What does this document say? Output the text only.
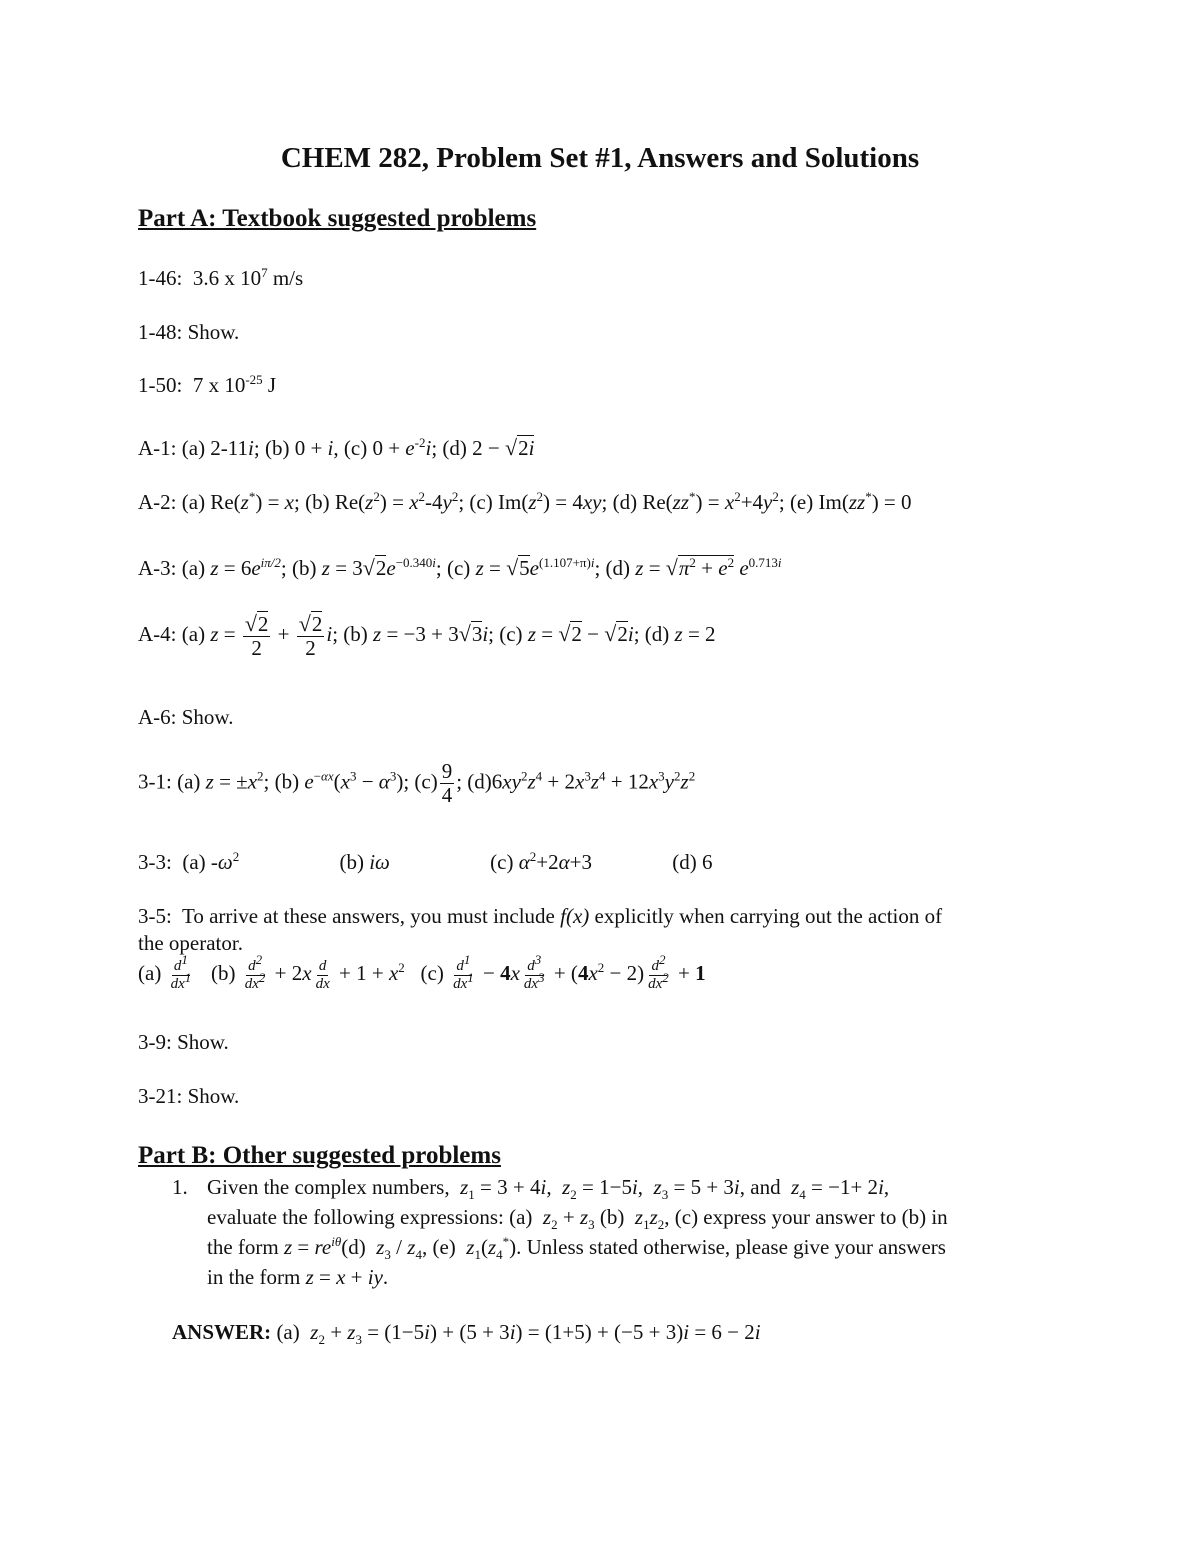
CHEM 282, Problem Set #1, Answers and Solutions
Part A: Textbook suggested problems
1-46: 3.6 x $10^7$ m/s
1-48: Show.
1-50: 7 x $10^{-25}$ J
A-1: (a) 2-11i; (b) 0 + i, (c) $0 + e^{-2}i$; (d) 2 − √2i
A-2: (a) Re(z*) = x; (b) $Re(z^2) = x^2-4y^2$; (c) $Im(z^2) = 4xy$; (d) $Re(zz^*) = x^2+4y^2$; (e) Im(zz*) = 0
A-3: (a) $z = 6e^{i\pi/2}$; (b) $z = 3√2e^{-0.340i}$; (c) $z = √5e^{(1.107+\pi)i}$; (d) $z = √\pi^2 + e^2$ $e^{0.713i}$
A-4: (a) $z = \frac{√2}{2} + \frac{√2}{2} i$; (b) z = −3 + 3√3i; (c) z = √2 − √2i; (d) z = 2
A-6: Show.
3-1: (a) $z = \pm x^2$; (b) $e^{-\alpha x}(x^3 - \alpha^3)$; $(c) \frac{9}{4}$ ; $(d)6xy^2z^4 + 2x^3z^4 + 12x^3y^2z^2$
3-3:  (a) $-\omega^2$	(b) iω	(c) $\alpha^2+2\alpha+3$	(d) 6
3-5: To arrive at these answers, you must include f(x) explicitly when carrying out the action of
the operator.
$(a) \frac{d^1}{dx^1} (b) \frac{d^2}{dx^2} + 2x \frac{d}{dx} + 1 + x^2$   $(c) \frac{d^1}{dx^1} - 4x \frac{d^3}{dx^3} + (4x^2 - 2) \frac{d^2}{dx^2} + 1$
3-9: Show.
3-21: Show.
Part B: Other suggested problems
1. Given the complex numbers, $z_1 = 3 + 4i$,  $z_2 = 1-5i$,  $z_3 = 5 + 3i$, and  $z_4 = -1+ 2i$,
evaluate the following expressions: (a) $z_2 + z_3$ (b)  $z_1z_2$, (c) express your answer to (b) in
the form $z = re^{i\theta}(d)$  $z_3 / z_4$, (e)  $z_1(z_4^*)$. Unless stated otherwise, please give your answers
in the form z = x + iy.
ANSWER: (a)  $z_2 + z_3 = (1-5i) + (5 + 3i) = (1+5) + (-5 + 3)i = 6 - 2i$
